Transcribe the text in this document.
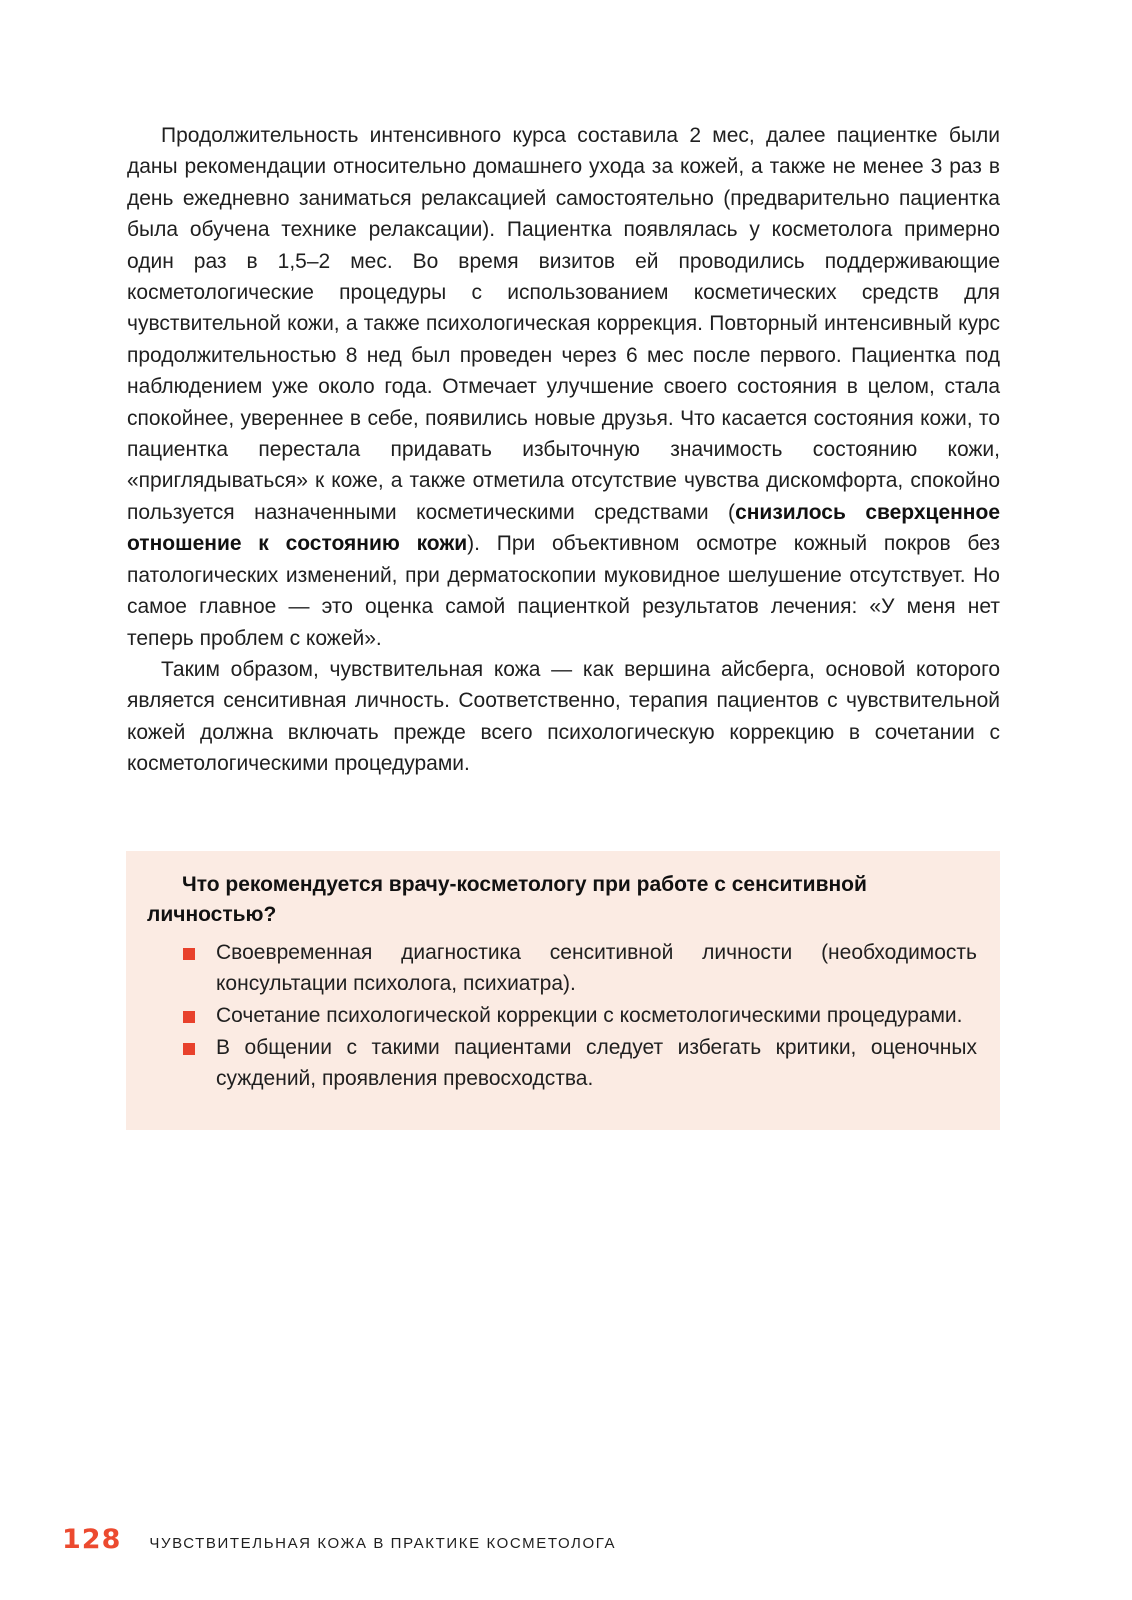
Продолжительность интенсивного курса составила 2 мес, далее пациентке были даны рекомендации относительно домашнего ухода за кожей, а также не менее 3 раз в день ежедневно заниматься релаксацией самостоятельно (предварительно пациентка была обучена технике релаксации). Пациентка появлялась у косметолога примерно один раз в 1,5–2 мес. Во время визитов ей проводились поддерживающие косметологические процедуры с использованием косметических средств для чувствительной кожи, а также психологическая коррекция. Повторный интенсивный курс продолжительностью 8 нед был проведен через 6 мес после первого. Пациентка под наблюдением уже около года. Отмечает улучшение своего состояния в целом, стала спокойнее, увереннее в себе, появились новые друзья. Что касается состояния кожи, то пациентка перестала придавать избыточную значимость состоянию кожи, «приглядываться» к коже, а также отметила отсутствие чувства дискомфорта, спокойно пользуется назначенными косметическими средствами (снизилось сверхценное отношение к состоянию кожи). При объективном осмотре кожный покров без патологических изменений, при дерматоскопии муковидное шелушение отсутствует. Но самое главное — это оценка самой пациенткой результатов лечения: «У меня нет теперь проблем с кожей».

Таким образом, чувствительная кожа — как вершина айсберга, основой которого является сенситивная личность. Соответственно, терапия пациентов с чувствительной кожей должна включать прежде всего психологическую коррекцию в сочетании с косметологическими процедурами.

Что рекомендуется врачу-косметологу при работе с сенситивной личностью?

Своевременная диагностика сенситивной личности (необходимость консультации психолога, психиатра).
Сочетание психологической коррекции с косметологическими процедурами.
В общении с такими пациентами следует избегать критики, оценочных суждений, проявления превосходства.
128 ЧУВСТВИТЕЛЬНАЯ КОЖА В ПРАКТИКЕ КОСМЕТОЛОГА
